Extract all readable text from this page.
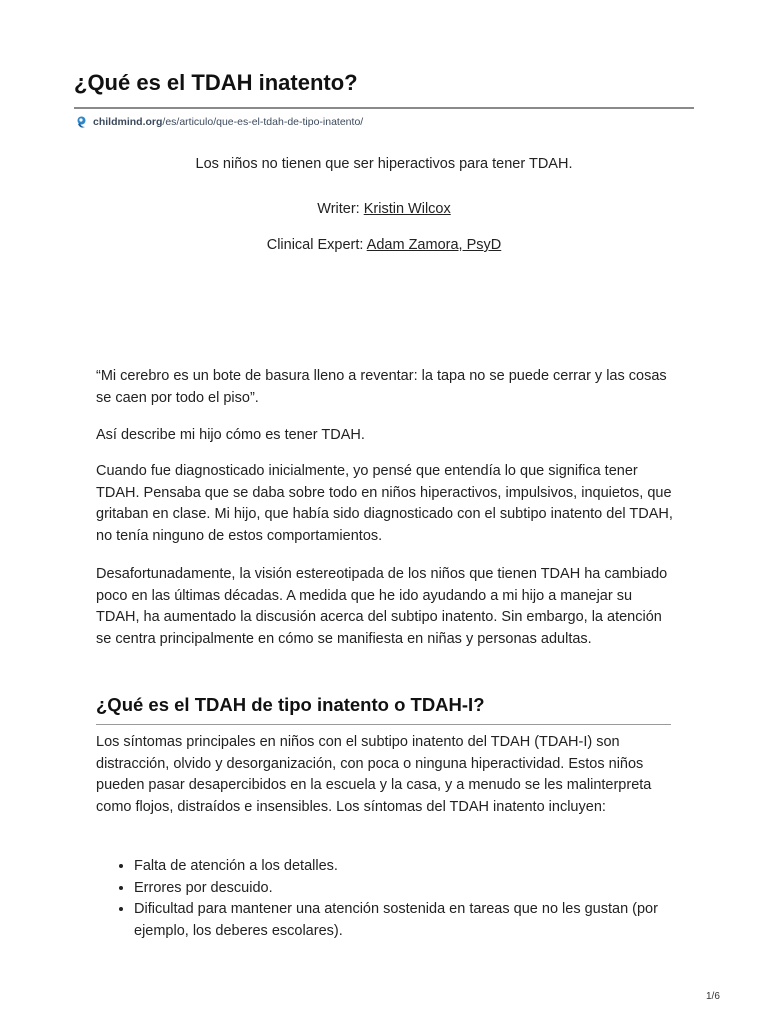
¿Qué es el TDAH inatento?
childmind.org /es/articulo/que-es-el-tdah-de-tipo-inatento/

Los niños no tienen que ser hiperactivos para tener TDAH.

Writer: Kristin Wilcox

Clinical Expert: Adam Zamora, PsyD

“Mi cerebro es un bote de basura lleno a reventar: la tapa no se puede cerrar y las cosas se caen por todo el piso”.

Así describe mi hijo cómo es tener TDAH.

Cuando fue diagnosticado inicialmente, yo pensé que entendía lo que significa tener TDAH. Pensaba que se daba sobre todo en niños hiperactivos, impulsivos, inquietos, que gritaban en clase. Mi hijo, que había sido diagnosticado con el subtipo inatento del TDAH, no tenía ninguno de estos comportamientos.

Desafortunadamente, la visión estereotipada de los niños que tienen TDAH ha cambiado poco en las últimas décadas. A medida que he ido ayudando a mi hijo a manejar su TDAH, ha aumentado la discusión acerca del subtipo inatento. Sin embargo, la atención se centra principalmente en cómo se manifiesta en niñas y personas adultas.

¿Qué es el TDAH de tipo inatento o TDAH-I?

Los síntomas principales en niños con el subtipo inatento del TDAH (TDAH-I) son distracción, olvido y desorganización, con poca o ninguna hiperactividad. Estos niños pueden pasar desapercibidos en la escuela y la casa, y a menudo se les malinterpreta como flojos, distraídos e insensibles. Los síntomas del TDAH inatento incluyen:

• Falta de atención a los detalles.
• Errores por descuido.
• Dificultad para mantener una atención sostenida en tareas que no les gustan (por ejemplo, los deberes escolares).
1/6
